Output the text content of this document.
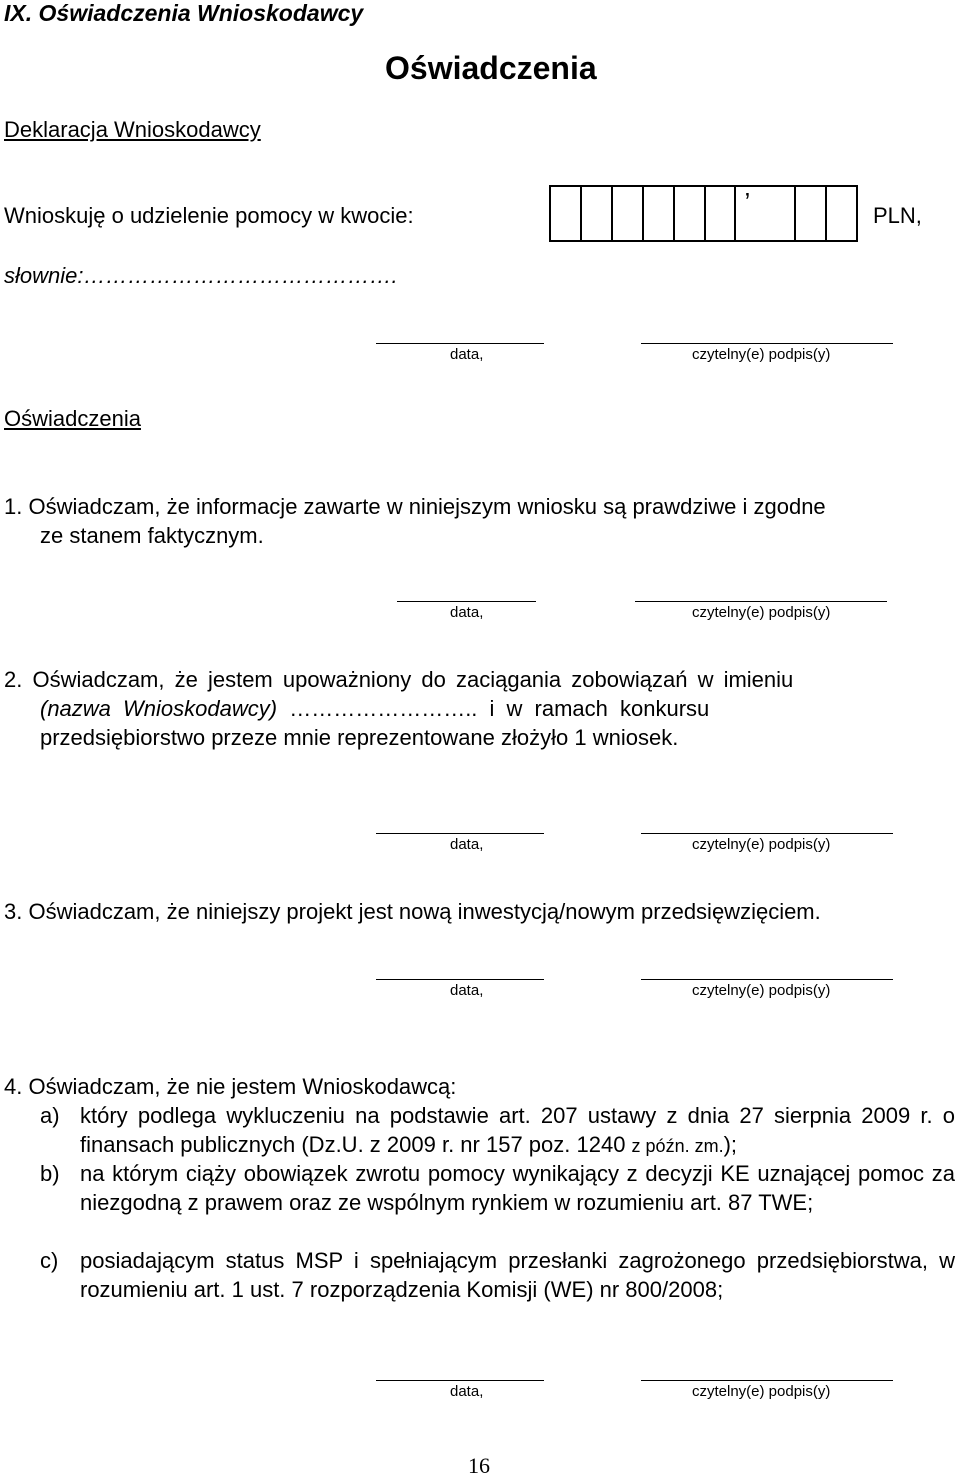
IX. Oświadczenia Wnioskodawcy
Oświadczenia
Deklaracja Wnioskodawcy
Wnioskuję o udzielenie pomocy w kwocie:	’	PLN,
słownie:…………………………………….
data,	czytelny(e) podpis(y)
Oświadczenia
1. Oświadczam, że informacje zawarte w niniejszym wniosku są prawdziwe i zgodne
ze stanem faktycznym.
data,	czytelny(e) podpis(y)
2. Oświadczam, że jestem upoważniony do zaciągania zobowiązań w imieniu
(nazwa Wnioskodawcy) …………………….. i w ramach konkursu
przedsiębiorstwo przeze mnie reprezentowane złożyło 1 wniosek.
data,	czytelny(e) podpis(y)
3. Oświadczam, że niniejszy projekt jest nową inwestycją/nowym przedsięwzięciem.
data,	czytelny(e) podpis(y)
4. Oświadczam, że nie jestem Wnioskodawcą:
a) który podlega wykluczeniu na podstawie art. 207 ustawy z dnia 27 sierpnia 2009 r. o finansach publicznych (Dz.U. z 2009 r. nr 157 poz. 1240 z późn. zm.);
b) na którym ciąży obowiązek zwrotu pomocy wynikający z decyzji KE uznającej pomoc za niezgodną z prawem oraz ze wspólnym rynkiem w rozumieniu art. 87 TWE;
c) posiadającym status MSP i spełniającym przesłanki zagrożonego przedsiębiorstwa, w rozumieniu art. 1 ust. 7 rozporządzenia Komisji (WE) nr 800/2008;
data,	czytelny(e) podpis(y)
16
